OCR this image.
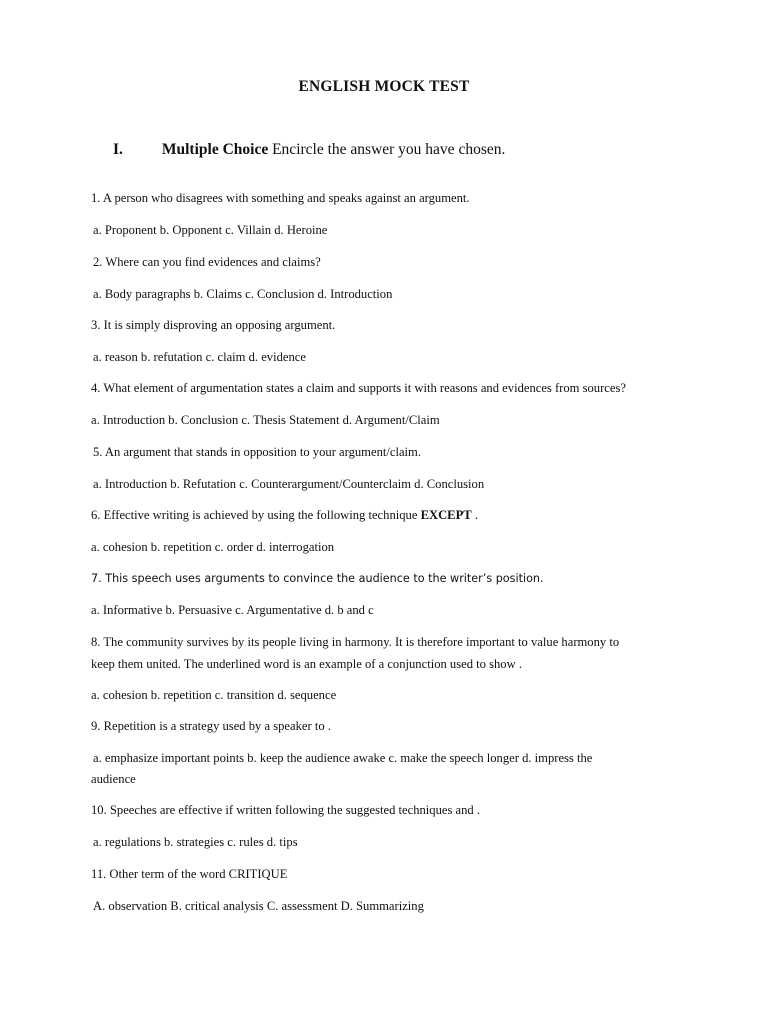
ENGLISH MOCK TEST
I.	Multiple Choice Encircle the answer you have chosen.
1. A person who disagrees with something and speaks against an argument.
a. Proponent b. Opponent c. Villain d. Heroine
2. Where can you find evidences and claims?
a. Body paragraphs b. Claims c. Conclusion d. Introduction
3. It is simply disproving an opposing argument.
a. reason b. refutation c. claim d. evidence
4. What element of argumentation states a claim and supports it with reasons and evidences from sources?
a. Introduction b. Conclusion c. Thesis Statement d. Argument/Claim
5. An argument that stands in opposition to your argument/claim.
a. Introduction b. Refutation c. Counterargument/Counterclaim d. Conclusion
6. Effective writing is achieved by using the following technique EXCEPT .
a. cohesion b. repetition c. order d. interrogation
7. This speech uses arguments to convince the audience to the writer’s position.
a. Informative b. Persuasive c. Argumentative d. b and c
8. The community survives by its people living in harmony. It is therefore important to value harmony to
keep them united. The underlined word is an example of a conjunction used to show .
a. cohesion b. repetition c. transition d. sequence
9. Repetition is a strategy used by a speaker to .
a. emphasize important points b. keep the audience awake c. make the speech longer d. impress the
audience
10. Speeches are effective if written following the suggested techniques and .
a. regulations b. strategies c. rules d. tips
11. Other term of the word CRITIQUE
A. observation B. critical analysis C. assessment D. Summarizing
